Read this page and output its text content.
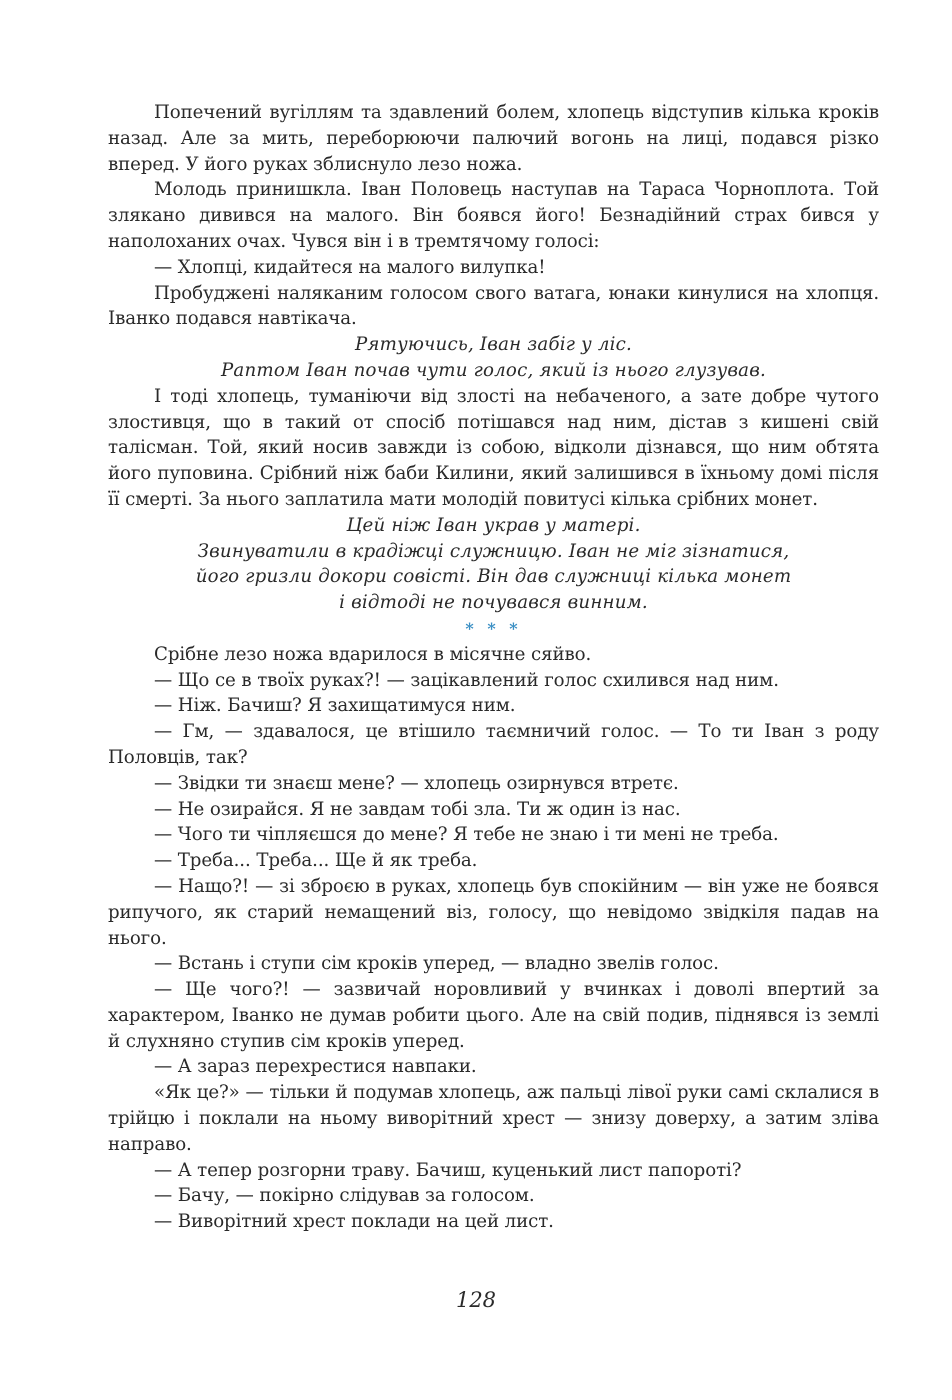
Попечений вугіллям та здавлений болем, хлопець відступив кілька кроків назад. Але за мить, переборюючи палючий вогонь на лиці, подався різко вперед. У його руках зблиснуло лезо ножа.

Молодь принишкла. Іван Половець наступав на Тараса Чорноплота. Той злякано дивився на малого. Він боявся його! Безнадійний страх бився у наполоханих очах. Чувся він і в тремтячому голосі:

— Хлопці, кидайтеся на малого вилупка!

Пробуджені наляканим голосом свого ватага, юнаки кинулися на хлопця. Іванко подався навтікача.

Рятуючись, Іван забіг у ліс.

Раптом Іван почав чути голос, який із нього глузував.

І тоді хлопець, туманіючи від злості на небаченого, а зате добре чутого злостивця, що в такий от спосіб потішався над ним, дістав з кишені свій талісман. Той, який носив завжди із собою, відколи дізнався, що ним обтята його пуповина. Срібний ніж баби Килини, який залишився в їхньому домі після її смерті. За нього заплатила мати молодій повитусі кілька срібних монет.

Цей ніж Іван украв у матері.

Звинуватили в крадіжці служницю. Іван не міг зізнатися,

його гризли докори совісті. Він дав служниці кілька монет

і відтоді не почувався винним.

* * *

Срібне лезо ножа вдарилося в місячне сяйво.

— Що се в твоїх руках?! — зацікавлений голос схилився над ним.

— Ніж. Бачиш? Я захищатимуся ним.

— Гм, — здавалося, це втішило таємничий голос. — То ти Іван з роду Половців, так?

— Звідки ти знаєш мене? — хлопець озирнувся втретє.

— Не озирайся. Я не завдам тобі зла. Ти ж один із нас.

— Чого ти чіпляєшся до мене? Я тебе не знаю і ти мені не треба.

— Треба... Треба... Ще й як треба.

— Нащо?! — зі зброєю в руках, хлопець був спокійним — він уже не боявся рипучого, як старий немащений віз, голосу, що невідомо звідкіля падав на нього.

— Встань і ступи сім кроків уперед, — владно звелів голос.

— Ще чого?! — зазвичай норовливий у вчинках і доволі впертий за характером, Іванко не думав робити цього. Але на свій подив, піднявся із землі й слухняно ступив сім кроків уперед.

— А зараз перехрестися навпаки.

«Як це?» — тільки й подумав хлопець, аж пальці лівої руки самі склалися в трійцю і поклали на ньому виворітний хрест — знизу доверху, а затим зліва направо.

— А тепер розгорни траву. Бачиш, куценький лист папороті?

— Бачу, — покірно слідував за голосом.

— Виворітний хрест поклади на цей лист.

128
